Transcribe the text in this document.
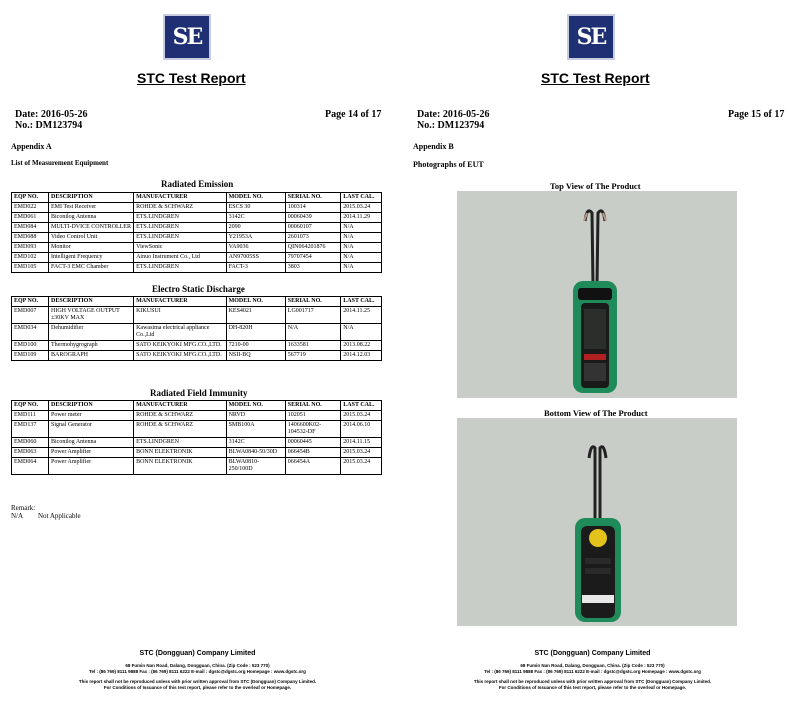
SE
STC Test Report
Date: 2016-05-26
No.: DM123794
Page 14 of 17
Appendix A
List of Measurement Equipment
Radiated Emission
EQP NO.	DESCRIPTION	MANUFACTURER	MODEL NO.	SERIAL NO.	LAST CAL.
EMD022	EMI Test Receiver	ROHDE & SCHWARZ	ESCS 30	100314	2015.03.24
EMD061	Biconilog Antenna	ETS.LINDGREN	3142C	00060439	2014.11.29
EMD084	MULTI-DVICE CONTROLLER	ETS.LINDGREN	2090	00060107	N/A
EMD088	Video Control Unit	ETS.LINDGREN	Y21953A	2601073	N/A
EMD093	Monitor	ViewSonic	VA9036	QIN064201876	N/A
EMD102	Intelligent Frequency	Ainuo Instrument Co., Ltd	AN97005SS	79707454	N/A
EMD105	FACT-3 EMC Chamber	ETS.LINDGREN	FACT-3	3803	N/A
Electro Static Discharge
EQP NO.	DESCRIPTION	MANUFACTURER	MODEL NO.	SERIAL NO.	LAST CAL.
EMD007	HIGH VOLTAGE OUTPUT ±30KV MAX	KIKUSUI	KES4021	LG001717	2014.11.25
EMD034	Dehumidifier	Kawasima electrical appliance Co.,Ltd	DH-820H	N/A	N/A
EMD100	Thermohygrograph	SATO KEIKYOKI MFG.CO.,LTD.	7210-00	1633581	2013.08.22
EMD109	BAROGRAPH	SATO KEIKYOKI MFG.CO.,LTD.	NSII-BQ	567719	2014.12.03
Radiated Field Immunity
EQP NO.	DESCRIPTION	MANUFACTURER	MODEL NO.	SERIAL NO.	LAST CAL.
EMD111	Power meter	ROHDE & SCHWARZ	NRVD	102051	2015.03.24
EMD137	Signal Generator	ROHDE & SCHWARZ	SMB100A	1406600K02-104532-DF	2014.06.10
EMD060	Biconilog Antenna	ETS.LINDGREN	3142C	00060445	2014.11.15
EMD063	Power Amplifier	BONN ELEKTRONIK	BLWA0840-50/30D	066454B	2015.03.24
EMD064	Power Amplifier	BONN ELEKTRONIK	BLWA0810-250/100D	066454A	2015.03.24
Remark:
N/A Not Applicable
STC (Dongguan) Company Limited
68 Fumin Nan Road, Dalang, Dongguan, China. (Zip Code : 523 770)
Tel : (86 769) 8111 9888 Fax : (86 769) 8111 6222 E-mail : dgstc@dgstc.org Homepage : www.dgstc.org
This report shall not be reproduced unless with prior written approval from STC (Dongguan) Company Limited.
For Conditions of Issuance of this test report, please refer to the overleaf or Homepage.
SE
STC Test Report
Date: 2016-05-26
No.: DM123794
Page 15 of 17
Appendix B
Photographs of EUT
Top View of The Product
Bottom View of The Product
STC (Dongguan) Company Limited
68 Fumin Nan Road, Dalang, Dongguan, China. (Zip Code : 523 770)
Tel : (86 769) 8111 9888 Fax : (86 769) 8111 6222 E-mail : dgstc@dgstc.org Homepage : www.dgstc.org
This report shall not be reproduced unless with prior written approval from STC (Dongguan) Company Limited.
For Conditions of Issuance of this test report, please refer to the overleaf or Homepage.
